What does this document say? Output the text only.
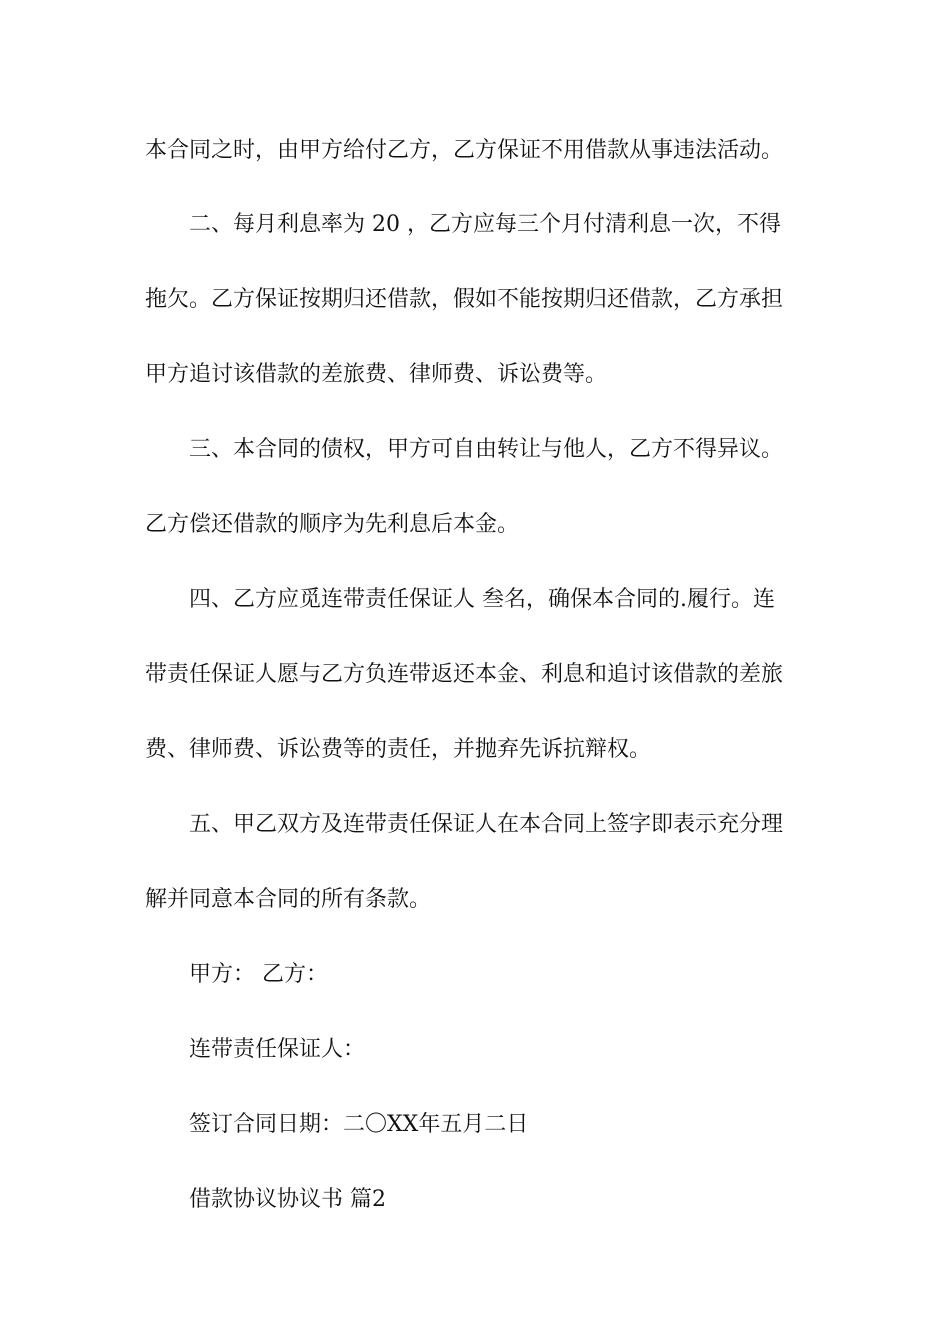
本合同之时，由甲方给付乙方，乙方保证不用借款从事违法活动。
二、每月利息率为 20 ，乙方应每三个月付清利息一次，不得
拖欠。乙方保证按期归还借款，假如不能按期归还借款，乙方承担
甲方追讨该借款的差旅费、律师费、诉讼费等。
三、本合同的债权，甲方可自由转让与他人，乙方不得异议。
乙方偿还借款的顺序为先利息后本金。
四、乙方应觅连带责任保证人 叁名，确保本合同的.履行。连
带责任保证人愿与乙方负连带返还本金、利息和追讨该借款的差旅
费、律师费、诉讼费等的责任，并抛弃先诉抗辩权。
五、甲乙双方及连带责任保证人在本合同上签字即表示充分理
解并同意本合同的所有条款。
甲方： 乙方：
连带责任保证人：
签订合同日期：二〇XX年五月二日
借款协议协议书 篇2
